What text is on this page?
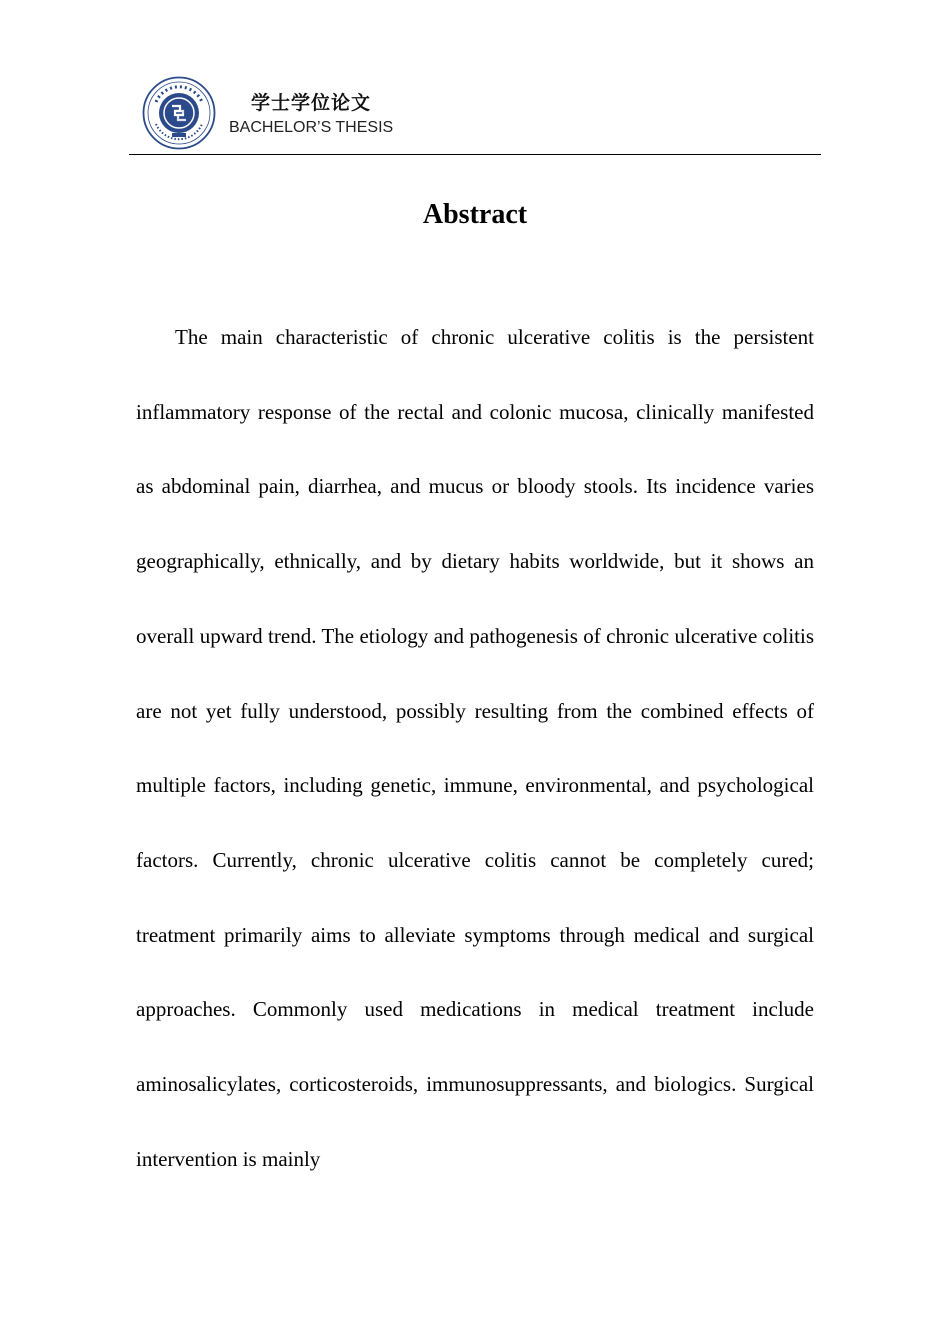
学士学位论文
BACHELOR’S THESIS
Abstract

The main characteristic of chronic ulcerative colitis is the persistent inflammatory response of the rectal and colonic mucosa, clinically manifested as abdominal pain, diarrhea, and mucus or bloody stools. Its incidence varies geographically, ethnically, and by dietary habits worldwide, but it shows an overall upward trend. The etiology and pathogenesis of chronic ulcerative colitis are not yet fully understood, possibly resulting from the combined effects of multiple factors, including genetic, immune, environmental, and psychological factors. Currently, chronic ulcerative colitis cannot be completely cured; treatment primarily aims to alleviate symptoms through medical and surgical approaches. Commonly used medications in medical treatment include aminosalicylates, corticosteroids, immunosuppressants, and biologics. Surgical intervention is mainly
